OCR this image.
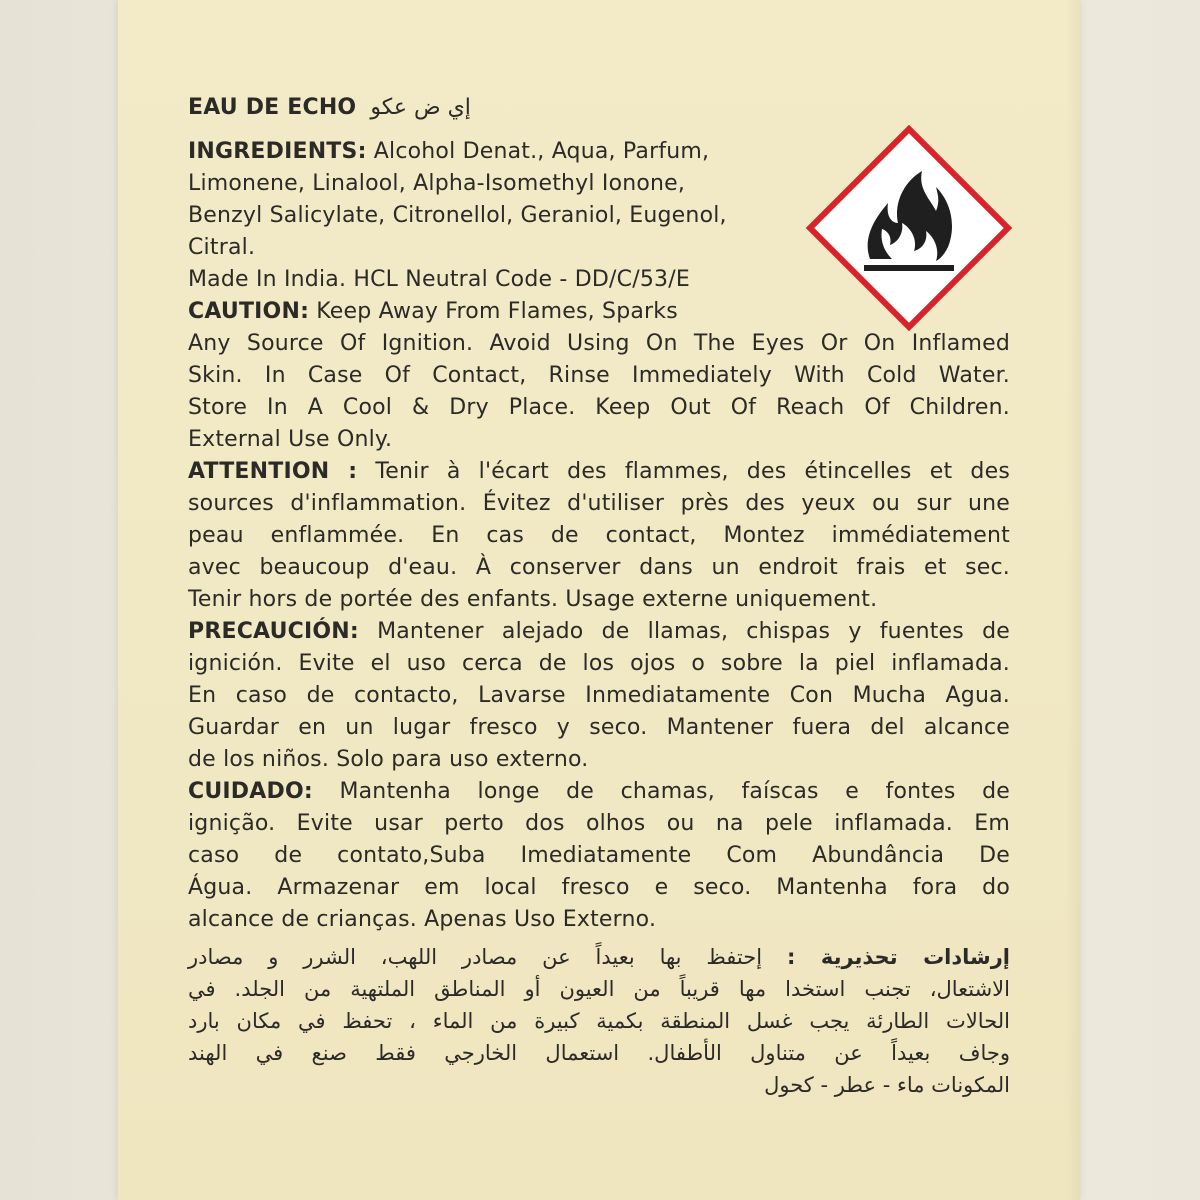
EAU DE ECHO إي ض عكو

INGREDIENTS: Alcohol Denat., Aqua, Parfum,

Limonene, Linalool, Alpha-Isomethyl Ionone,

Benzyl Salicylate, Citronellol, Geraniol, Eugenol,

Citral.

Made In India. HCL Neutral Code - DD/C/53/E

CAUTION: Keep Away From Flames, Sparks

Any Source Of Ignition. Avoid Using On The Eyes Or On Inflamed

Skin. In Case Of Contact, Rinse Immediately With Cold Water.

Store In A Cool & Dry Place. Keep Out Of Reach Of Children.

External Use Only.

ATTENTION : Tenir à l'écart des flammes, des étincelles et des

sources d'inflammation. Évitez d'utiliser près des yeux ou sur une

peau enflammée. En cas de contact, Montez immédiatement

avec beaucoup d'eau. À conserver dans un endroit frais et sec.

Tenir hors de portée des enfants. Usage externe uniquement.

PRECAUCIÓN: Mantener alejado de llamas, chispas y fuentes de

ignición. Evite el uso cerca de los ojos o sobre la piel inflamada.

En caso de contacto, Lavarse Inmediatamente Con Mucha Agua.

Guardar en un lugar fresco y seco. Mantener fuera del alcance

de los niños. Solo para uso externo.

CUIDADO: Mantenha longe de chamas, faíscas e fontes de

ignição. Evite usar perto dos olhos ou na pele inflamada. Em

caso de contato,Suba Imediatamente Com Abundância De

Água. Armazenar em local fresco e seco. Mantenha fora do

alcance de crianças. Apenas Uso Externo.

إرشادات تحذيرية : إحتفظ بها بعيداً عن مصادر اللهب، الشرر و مصادر

الاشتعال، تجنب استخدا مها قريباً من العيون أو المناطق الملتهية من الجلد. في

الحالات الطارئة يجب غسل المنطقة بكمية كبيرة من الماء ، تحفظ في مكان بارد

وجاف بعيداً عن متناول الأطفال. استعمال الخارجي فقط صنع في الهند

المكونات ماء - عطر - كحول
